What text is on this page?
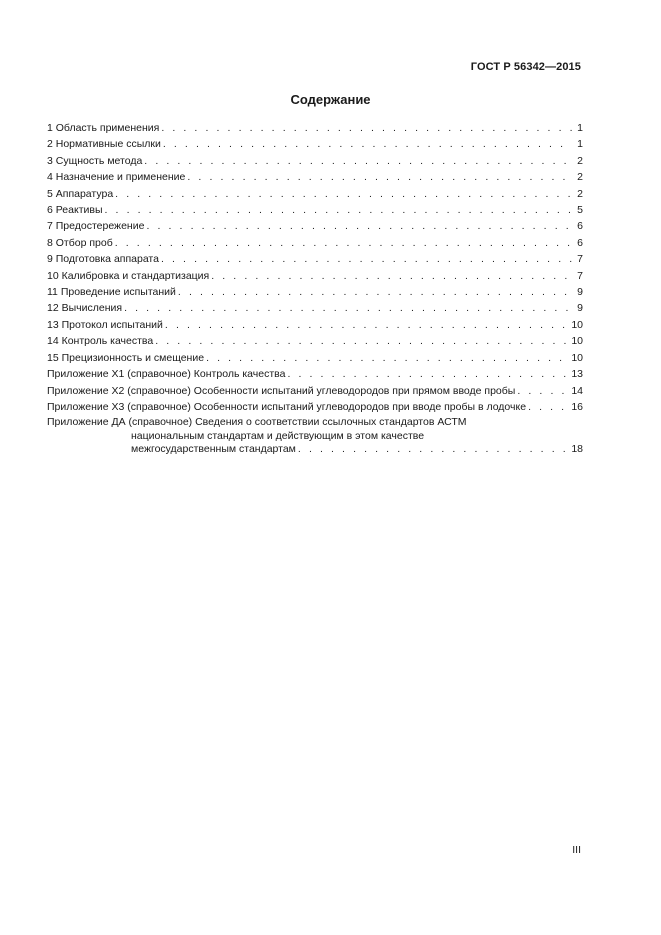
ГОСТ Р 56342—2015
Содержание
1 Область применения . . .	1
2 Нормативные ссылки . . .	1
3 Сущность метода . . .	2
4 Назначение и применение . . .	2
5 Аппаратура . . .	2
6 Реактивы . . .	5
7 Предостережение . . .	6
8 Отбор проб . . .	6
9 Подготовка аппарата . . .	7
10 Калибровка и стандартизация . . .	7
11 Проведение испытаний . . .	9
12 Вычисления . . .	9
13 Протокол испытаний . . .	10
14 Контроль качества . . .	10
15 Прецизионность и смещение . . .	10
Приложение Х1 (справочное) Контроль качества . . .	13
Приложение Х2 (справочное) Особенности испытаний углеводородов при прямом вводе пробы . . .	14
Приложение Х3 (справочное) Особенности испытаний углеводородов при вводе пробы в лодочке . . .	16
Приложение ДА (справочное) Сведения о соответствии ссылочных стандартов АСТМ
национальным стандартам и действующим в этом качестве
межгосударственным стандартам . . .	18
III
